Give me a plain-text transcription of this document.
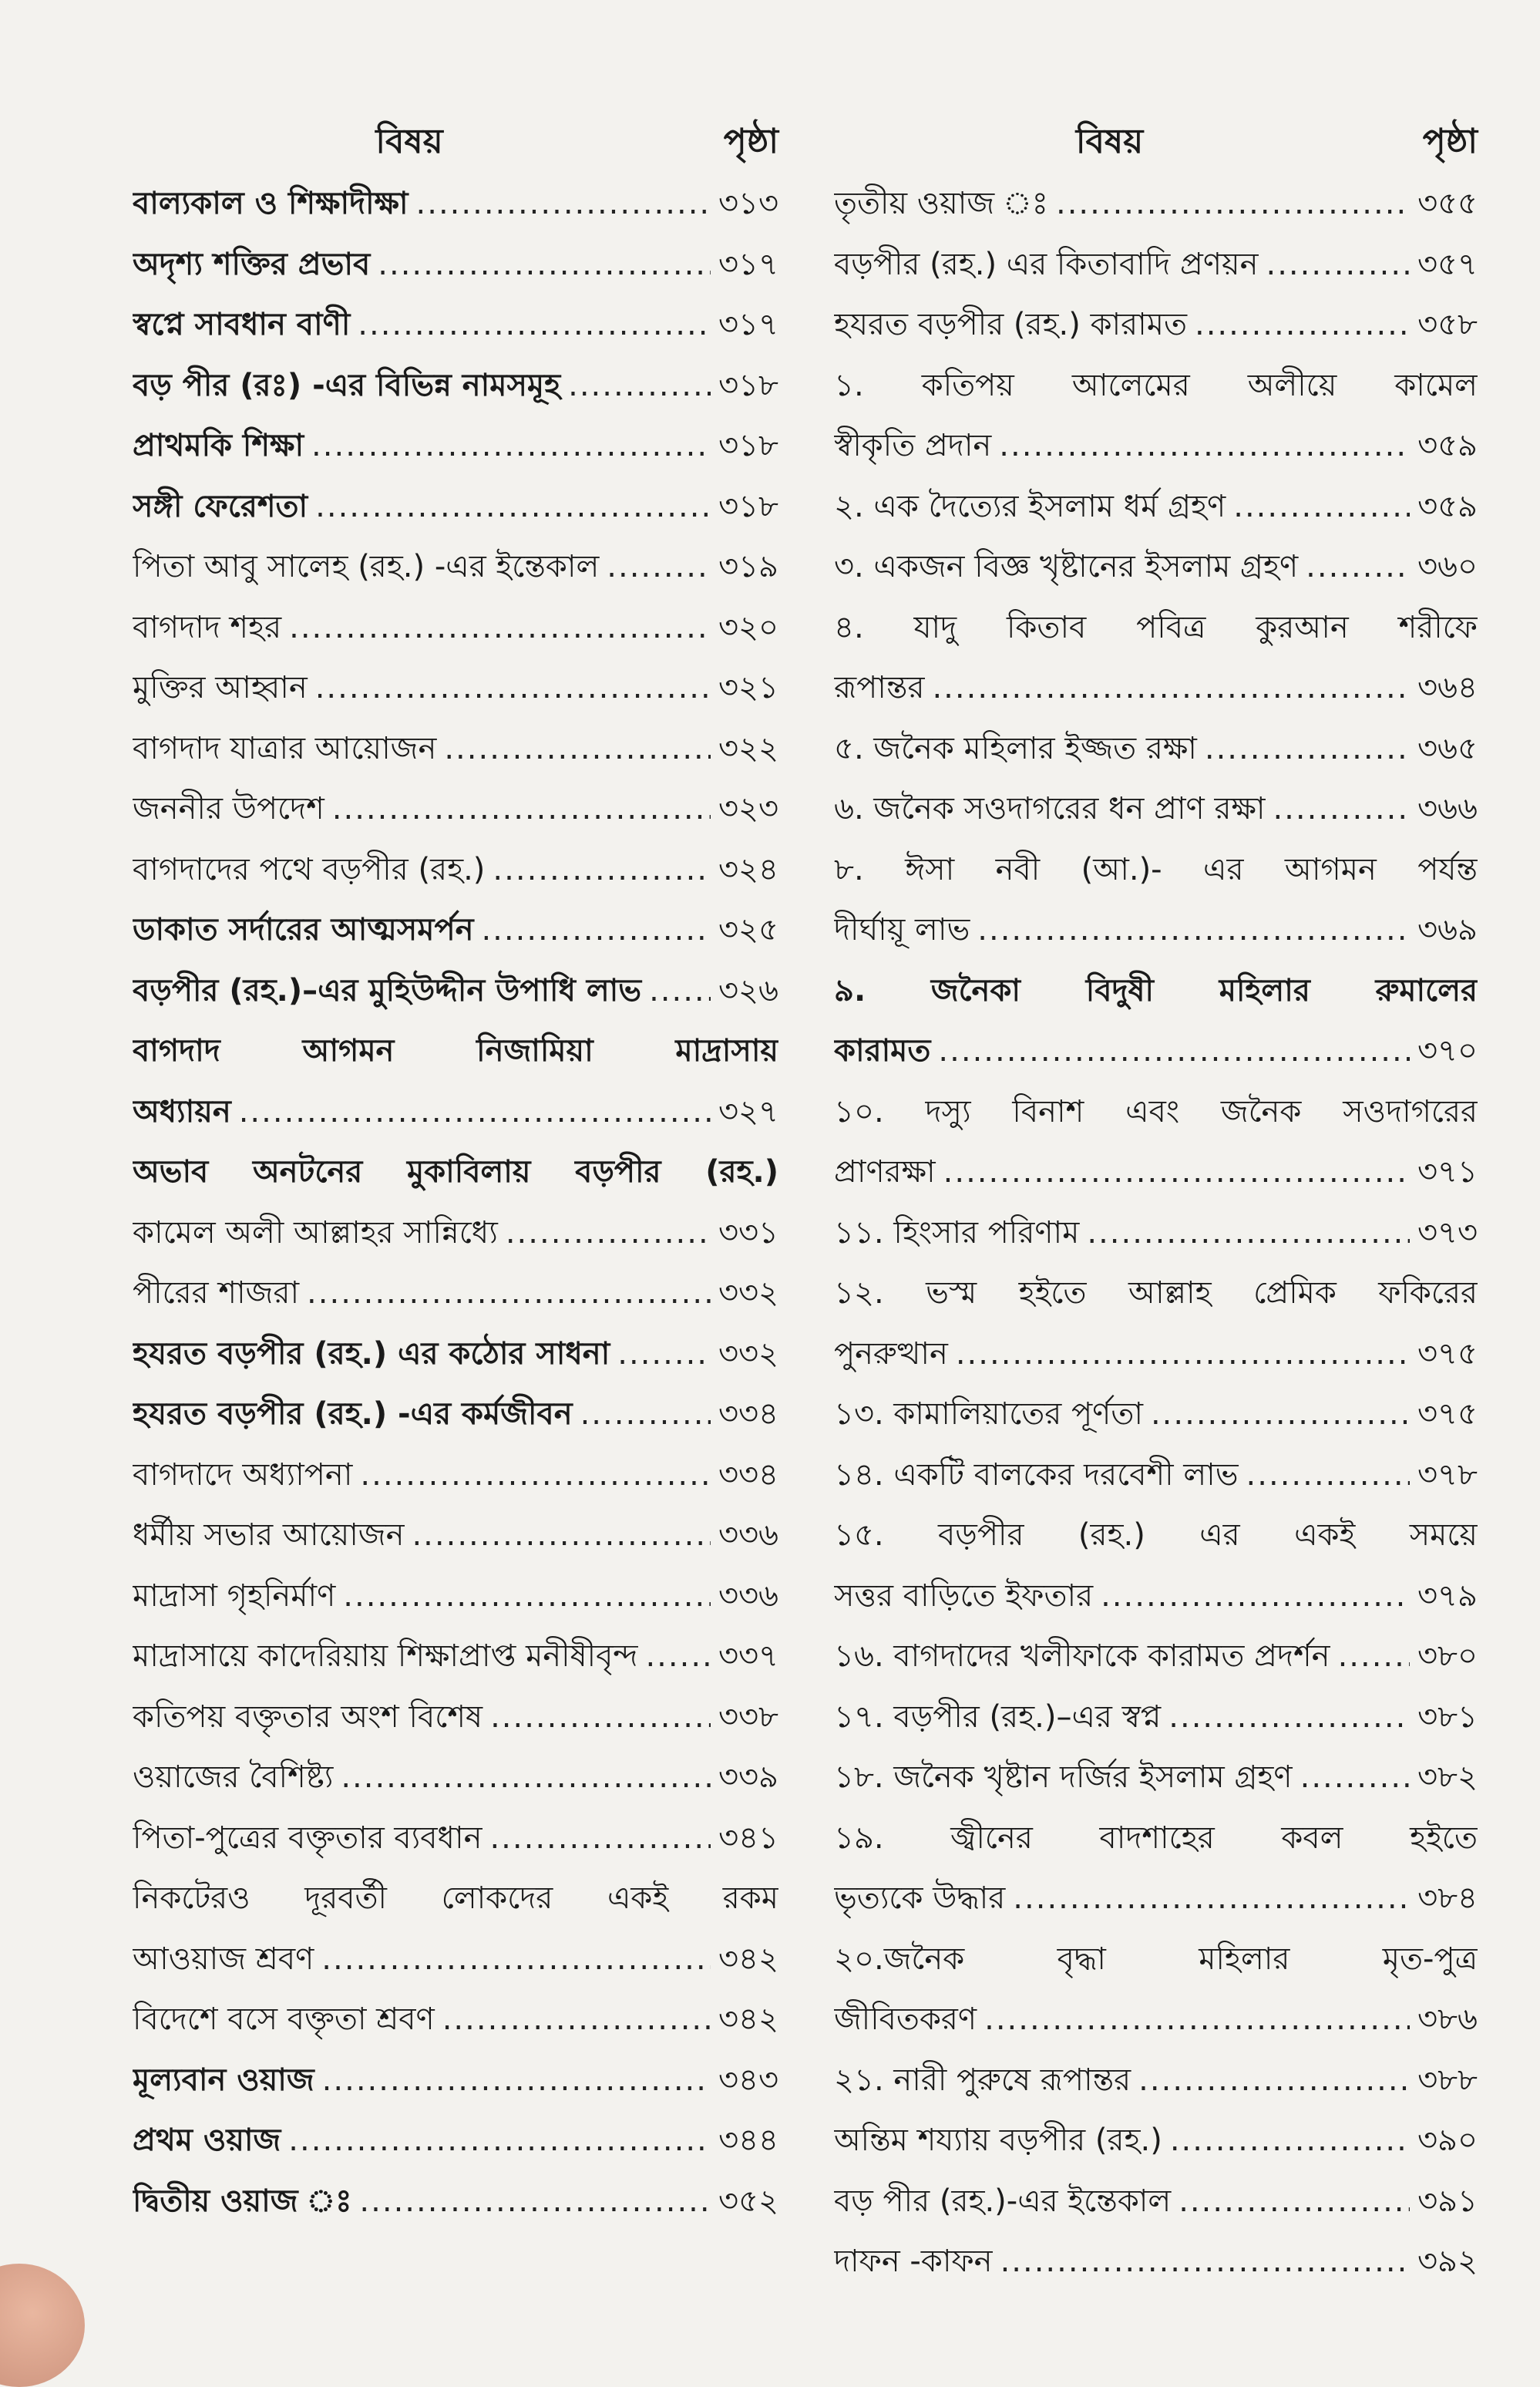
বিষয়	পৃষ্ঠা
বাল্যকাল ও শিক্ষাদীক্ষা .....	৩১৩
অদৃশ্য শক্তির প্রভাব .....	৩১৭
স্বপ্নে সাবধান বাণী .....	৩১৭
বড় পীর (রঃ) -এর বিভিন্ন নামসমূহ .....	৩১৮
প্রাথমকি শিক্ষা .....	৩১৮
সঙ্গী ফেরেশতা .....	৩১৮
পিতা আবু সালেহ (রহ.) -এর ইন্তেকাল .....	৩১৯
বাগদাদ শহর .....	৩২০
মুক্তির আহ্বান .....	৩২১
বাগদাদ যাত্রার আয়োজন .....	৩২২
জননীর উপদেশ .....	৩২৩
বাগদাদের পথে বড়পীর (রহ.) .....	৩২৪
ডাকাত সর্দারের আত্মসমর্পন .....	৩২৫
বড়পীর (রহ.)–এর মুহিউদ্দীন উপাধি লাভ ..... ৩২৬
বাগদাদ আগমন নিজামিয়া মাদ্রাসায়
অধ্যায়ন .....	৩২৭
অভাব অনটনের মুকাবিলায় বড়পীর (রহ.)
কামেল অলী আল্লাহর সান্নিধ্যে .....	৩৩১
পীরের শাজরা .....	৩৩২
হযরত বড়পীর (রহ.) এর কঠোর সাধনা .....	৩৩২
হযরত বড়পীর (রহ.) -এর কর্মজীবন .....	৩৩৪
বাগদাদে অধ্যাপনা .....	৩৩৪
ধর্মীয় সভার আয়োজন .....	৩৩৬
মাদ্রাসা গৃহনির্মাণ .....	৩৩৬
মাদ্রাসায়ে কাদেরিয়ায় শিক্ষাপ্রাপ্ত মনীষীবৃন্দ .....	৩৩৭
কতিপয় বক্তৃতার অংশ বিশেষ .....	৩৩৮
ওয়াজের বৈশিষ্ট্য .....	৩৩৯
পিতা-পুত্রের বক্তৃতার ব্যবধান .....	৩৪১
নিকটেরও দূরবর্তী লোকদের একই রকম
আওয়াজ শ্রবণ .....	৩৪২
বিদেশে বসে বক্তৃতা শ্রবণ .....	৩৪২
মূল্যবান ওয়াজ .....	৩৪৩
প্রথম ওয়াজ .....	৩৪৪
দ্বিতীয় ওয়াজ ঃ .....	৩৫২
বিষয়	পৃষ্ঠা
তৃতীয় ওয়াজ ঃ .....	৩৫৫
বড়পীর (রহ.) এর কিতাবাদি প্রণয়ন .....	৩৫৭
হযরত বড়পীর (রহ.) কারামত .....	৩৫৮
১. কতিপয় আলেমের অলীয়ে কামেল
স্বীকৃতি প্রদান .....	৩৫৯
২. এক দৈত্যের ইসলাম ধর্ম গ্রহণ .....	৩৫৯
৩. একজন বিজ্ঞ খৃষ্টানের ইসলাম গ্রহণ .....	৩৬০
৪. যাদু কিতাব পবিত্র কুরআন শরীফে
রূপান্তর .....	৩৬৪
৫. জনৈক মহিলার ইজ্জত রক্ষা .....	৩৬৫
৬. জনৈক সওদাগরের ধন প্রাণ রক্ষা .....	৩৬৬
৮. ঈসা নবী (আ.)- এর আগমন পর্যন্ত
দীর্ঘায়ূ লাভ .....	৩৬৯
৯. জনৈকা বিদুষী মহিলার রুমালের
কারামত .....	৩৭০
১০. দস্যু বিনাশ এবং জনৈক সওদাগরের
প্রাণরক্ষা .....	৩৭১
১১. হিংসার পরিণাম .....	৩৭৩
১২. ভস্ম হইতে আল্লাহ প্রেমিক ফকিরের
পুনরুত্থান .....	৩৭৫
১৩. কামালিয়াতের পূর্ণতা .....	৩৭৫
১৪. একটি বালকের দরবেশী লাভ .....	৩৭৮
১৫. বড়পীর (রহ.) এর একই সময়ে
সত্তর বাড়িতে ইফতার .....	৩৭৯
১৬. বাগদাদের খলীফাকে কারামত প্রদর্শন .....	৩৮০
১৭. বড়পীর (রহ.)–এর স্বপ্ন .....	৩৮১
১৮. জনৈক খৃষ্টান দর্জির ইসলাম গ্রহণ .....	৩৮২
১৯. জ্বীনের বাদশাহের কবল হইতে
ভৃত্যকে উদ্ধার .....	৩৮৪
২০.জনৈক বৃদ্ধা মহিলার মৃত-পুত্র
জীবিতকরণ .....	৩৮৬
২১. নারী পুরুষে রূপান্তর .....	৩৮৮
অন্তিম শয্যায় বড়পীর (রহ.) .....	৩৯০
বড় পীর (রহ.)-এর ইন্তেকাল .....	৩৯১
দাফন -কাফন .....	৩৯২
